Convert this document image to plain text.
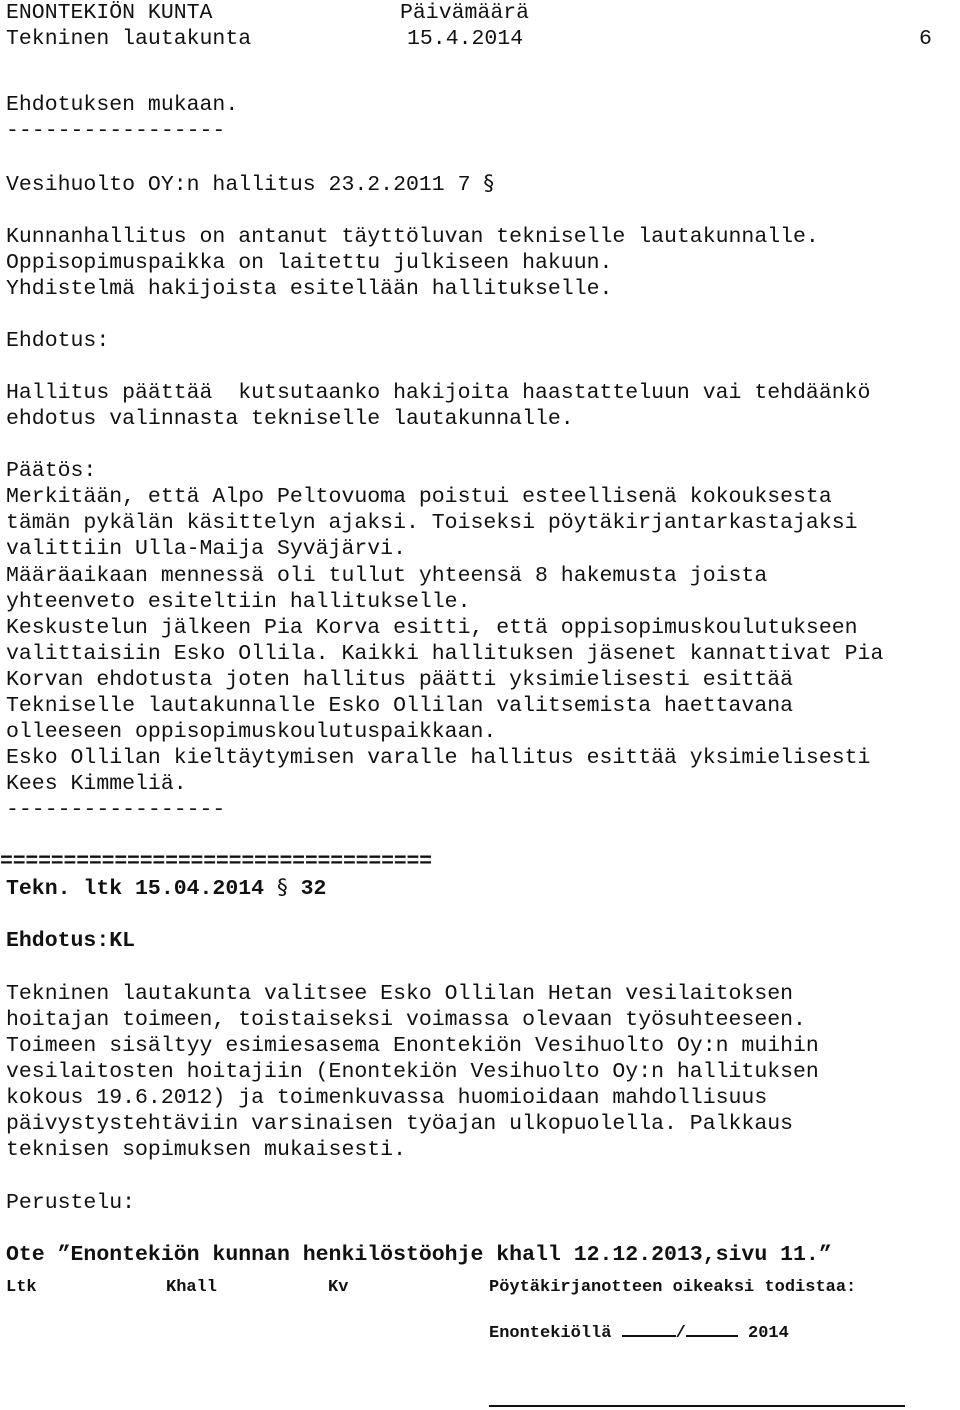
ENONTEKIÖN KUNTA	Päivämäärä
Tekninen lautakunta	15.4.2014	6
Ehdotuksen mukaan.
-----------------
Vesihuolto OY:n hallitus 23.2.2011 7 §
Kunnanhallitus on antanut täyttöluvan tekniselle lautakunnalle.
Oppisopimuspaikka on laitettu julkiseen hakuun.
Yhdistelmä hakijoista esitellään hallitukselle.
Ehdotus:
Hallitus päättää  kutsutaanko hakijoita haastatteluun vai tehdäänkö
ehdotus valinnasta tekniselle lautakunnalle.
Päätös:
Merkitään, että Alpo Peltovuoma poistui esteellisenä kokouksesta
tämän pykälän käsittelyn ajaksi. Toiseksi pöytäkirjantarkastajaksi
valittiin Ulla-Maija Syväjärvi.
Määräaikaan mennessä oli tullut yhteensä 8 hakemusta joista
yhteenveto esiteltiin hallitukselle.
Keskustelun jälkeen Pia Korva esitti, että oppisopimuskoulutukseen
valittaisiin Esko Ollila. Kaikki hallituksen jäsenet kannattivat Pia
Korvan ehdotusta joten hallitus päätti yksimielisesti esittää
Tekniselle lautakunnalle Esko Ollilan valitsemista haettavana
olleeseen oppisopimuskoulutuspaikkaan.
Esko Ollilan kieltäytymisen varalle hallitus esittää yksimielisesti
Kees Kimmeliä.
-----------------
==================================
Tekn. ltk 15.04.2014 § 32
Ehdotus:KL
Tekninen lautakunta valitsee Esko Ollilan Hetan vesilaitoksen
hoitajan toimeen, toistaiseksi voimassa olevaan työsuhteeseen.
Toimeen sisältyy esimiesasema Enontekiön Vesihuolto Oy:n muihin
vesilaitosten hoitajiin (Enontekiön Vesihuolto Oy:n hallituksen
kokous 19.6.2012) ja toimenkuvassa huomioidaan mahdollisuus
päivystystehtäviin varsinaisen työajan ulkopuolella. Palkkaus
teknisen sopimuksen mukaisesti.
Perustelu:
Ote ”Enontekiön kunnan henkilöstöohje khall 12.12.2013,sivu 11.”
Ltk	Khall	Kv	Pöytäkirjanotteen oikeaksi todistaa:
Enontekiöllä	/	2014
